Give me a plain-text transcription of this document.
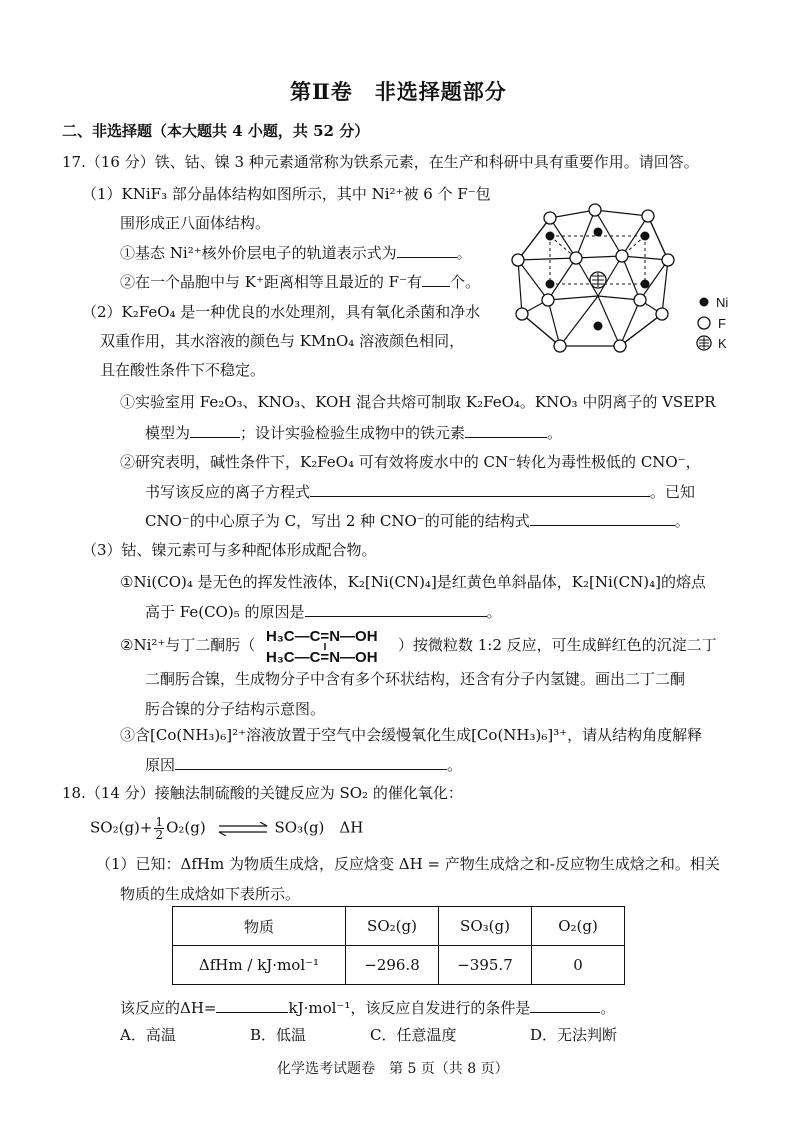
第Ⅱ卷　非选择题部分
二、非选择题（本大题共 4 小题，共 52 分）
17.（16 分）铁、钴、镍 3 种元素通常称为铁系元素，在生产和科研中具有重要作用。请回答。
（1）KNiF₃ 部分晶体结构如图所示，其中 Ni²⁺被 6 个 F⁻包
围形成正八面体结构。
①基态 Ni²⁺核外价层电子的轨道表示式为	。
②在一个晶胞中与 K⁺距离相等且最近的 F⁻有 个。
（2）K₂FeO₄ 是一种优良的水处理剂，具有氧化杀菌和净水
双重作用，其水溶液的颜色与 KMnO₄ 溶液颜色相同，
且在酸性条件下不稳定。
①实验室用 Fe₂O₃、KNO₃、KOH 混合共熔可制取 K₂FeO₄。KNO₃ 中阴离子的 VSEPR
模型为	；设计实验检验生成物中的铁元素	。
②研究表明，碱性条件下，K₂FeO₄ 可有效将废水中的 CN⁻转化为毒性极低的 CNO⁻，
书写该反应的离子方程式	。已知
CNO⁻的中心原子为 C，写出 2 种 CNO⁻的可能的结构式	。
（3）钴、镍元素可与多种配体形成配合物。
①Ni(CO)₄ 是无色的挥发性液体，K₂[Ni(CN)₄]是红黄色单斜晶体，K₂[Ni(CN)₄]的熔点
高于 Fe(CO)₅ 的原因是	。
②Ni²⁺与丁二酮肟（ H₃C—C=N—OH
H₃C—C=N—OH
）按微粒数 1:2 反应，可生成鲜红色的沉淀二丁
二酮肟合镍，生成物分子中含有多个环状结构，还含有分子内氢键。画出二丁二酮
肟合镍的分子结构示意图。
③含[Co(NH₃)₆]²⁺溶液放置于空气中会缓慢氧化生成[Co(NH₃)₆]³⁺，请从结构角度解释
原因	。
Ni
F
K
18.（14 分）接触法制硫酸的关键反应为 SO₂ 的催化氧化：
$SO_2(g)+ \frac{1}{2} O_2(g)$ ⇌ SO₃(g)　ΔH
（1）已知：ΔfHm 为物质生成焓，反应焓变 ΔH = 产物生成焓之和-反应物生成焓之和。相关
物质的生成焓如下表所示。
物质	SO₂(g)	SO₃(g)	O₂(g)
ΔfHm / kJ·mol⁻¹	−296.8	−395.7	0
该反应的ΔH=	kJ·mol⁻¹，该反应自发进行的条件是	。
A．高温	B．低温	C．任意温度	D．无法判断
化学选考试题卷　第 5 页（共 8 页）
